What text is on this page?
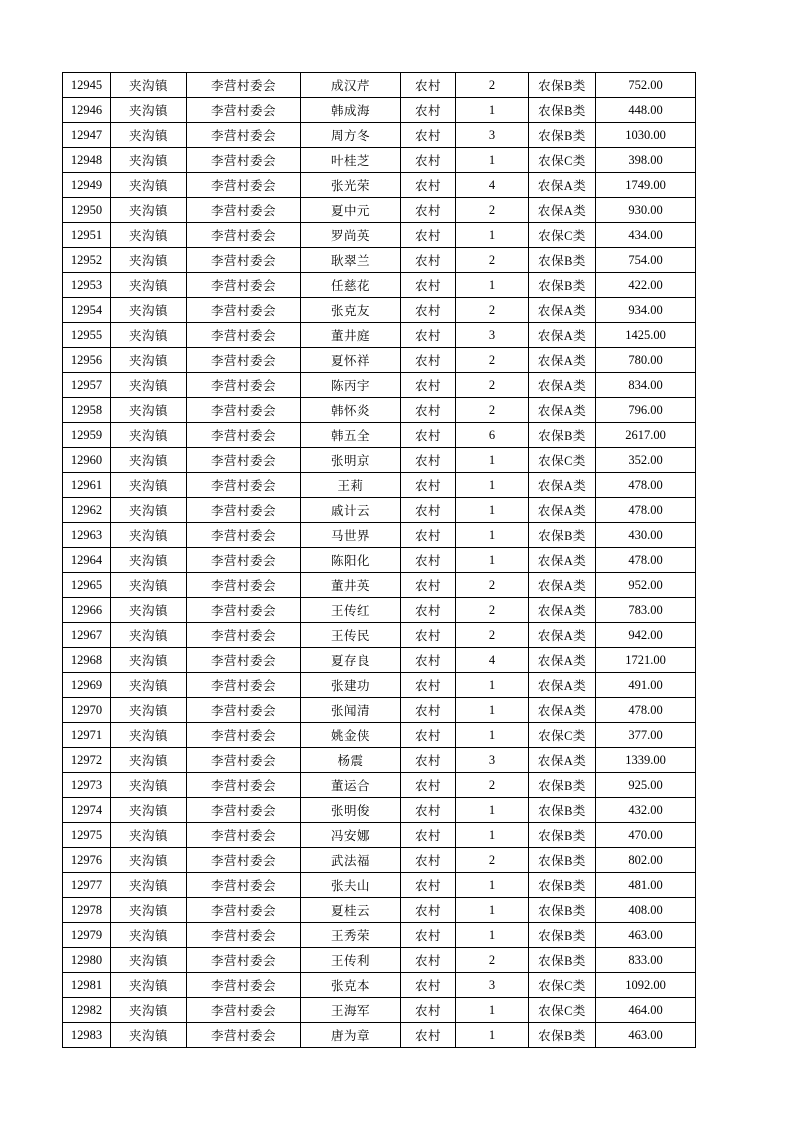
12945	夹沟镇	李营村委会	成汉芹	农村	2	农保B类	752.00
12946	夹沟镇	李营村委会	韩成海	农村	1	农保B类	448.00
12947	夹沟镇	李营村委会	周方冬	农村	3	农保B类	1030.00
12948	夹沟镇	李营村委会	叶桂芝	农村	1	农保C类	398.00
12949	夹沟镇	李营村委会	张光荣	农村	4	农保A类	1749.00
12950	夹沟镇	李营村委会	夏中元	农村	2	农保A类	930.00
12951	夹沟镇	李营村委会	罗尚英	农村	1	农保C类	434.00
12952	夹沟镇	李营村委会	耿翠兰	农村	2	农保B类	754.00
12953	夹沟镇	李营村委会	任慈花	农村	1	农保B类	422.00
12954	夹沟镇	李营村委会	张克友	农村	2	农保A类	934.00
12955	夹沟镇	李营村委会	董井庭	农村	3	农保A类	1425.00
12956	夹沟镇	李营村委会	夏怀祥	农村	2	农保A类	780.00
12957	夹沟镇	李营村委会	陈丙宇	农村	2	农保A类	834.00
12958	夹沟镇	李营村委会	韩怀炎	农村	2	农保A类	796.00
12959	夹沟镇	李营村委会	韩五全	农村	6	农保B类	2617.00
12960	夹沟镇	李营村委会	张明京	农村	1	农保C类	352.00
12961	夹沟镇	李营村委会	王莉	农村	1	农保A类	478.00
12962	夹沟镇	李营村委会	戚计云	农村	1	农保A类	478.00
12963	夹沟镇	李营村委会	马世界	农村	1	农保B类	430.00
12964	夹沟镇	李营村委会	陈阳化	农村	1	农保A类	478.00
12965	夹沟镇	李营村委会	董井英	农村	2	农保A类	952.00
12966	夹沟镇	李营村委会	王传红	农村	2	农保A类	783.00
12967	夹沟镇	李营村委会	王传民	农村	2	农保A类	942.00
12968	夹沟镇	李营村委会	夏存良	农村	4	农保A类	1721.00
12969	夹沟镇	李营村委会	张建功	农村	1	农保A类	491.00
12970	夹沟镇	李营村委会	张闻清	农村	1	农保A类	478.00
12971	夹沟镇	李营村委会	姚金侠	农村	1	农保C类	377.00
12972	夹沟镇	李营村委会	杨震	农村	3	农保A类	1339.00
12973	夹沟镇	李营村委会	董运合	农村	2	农保B类	925.00
12974	夹沟镇	李营村委会	张明俊	农村	1	农保B类	432.00
12975	夹沟镇	李营村委会	冯安娜	农村	1	农保B类	470.00
12976	夹沟镇	李营村委会	武法福	农村	2	农保B类	802.00
12977	夹沟镇	李营村委会	张夫山	农村	1	农保B类	481.00
12978	夹沟镇	李营村委会	夏桂云	农村	1	农保B类	408.00
12979	夹沟镇	李营村委会	王秀荣	农村	1	农保B类	463.00
12980	夹沟镇	李营村委会	王传利	农村	2	农保B类	833.00
12981	夹沟镇	李营村委会	张克本	农村	3	农保C类	1092.00
12982	夹沟镇	李营村委会	王海军	农村	1	农保C类	464.00
12983	夹沟镇	李营村委会	唐为章	农村	1	农保B类	463.00
